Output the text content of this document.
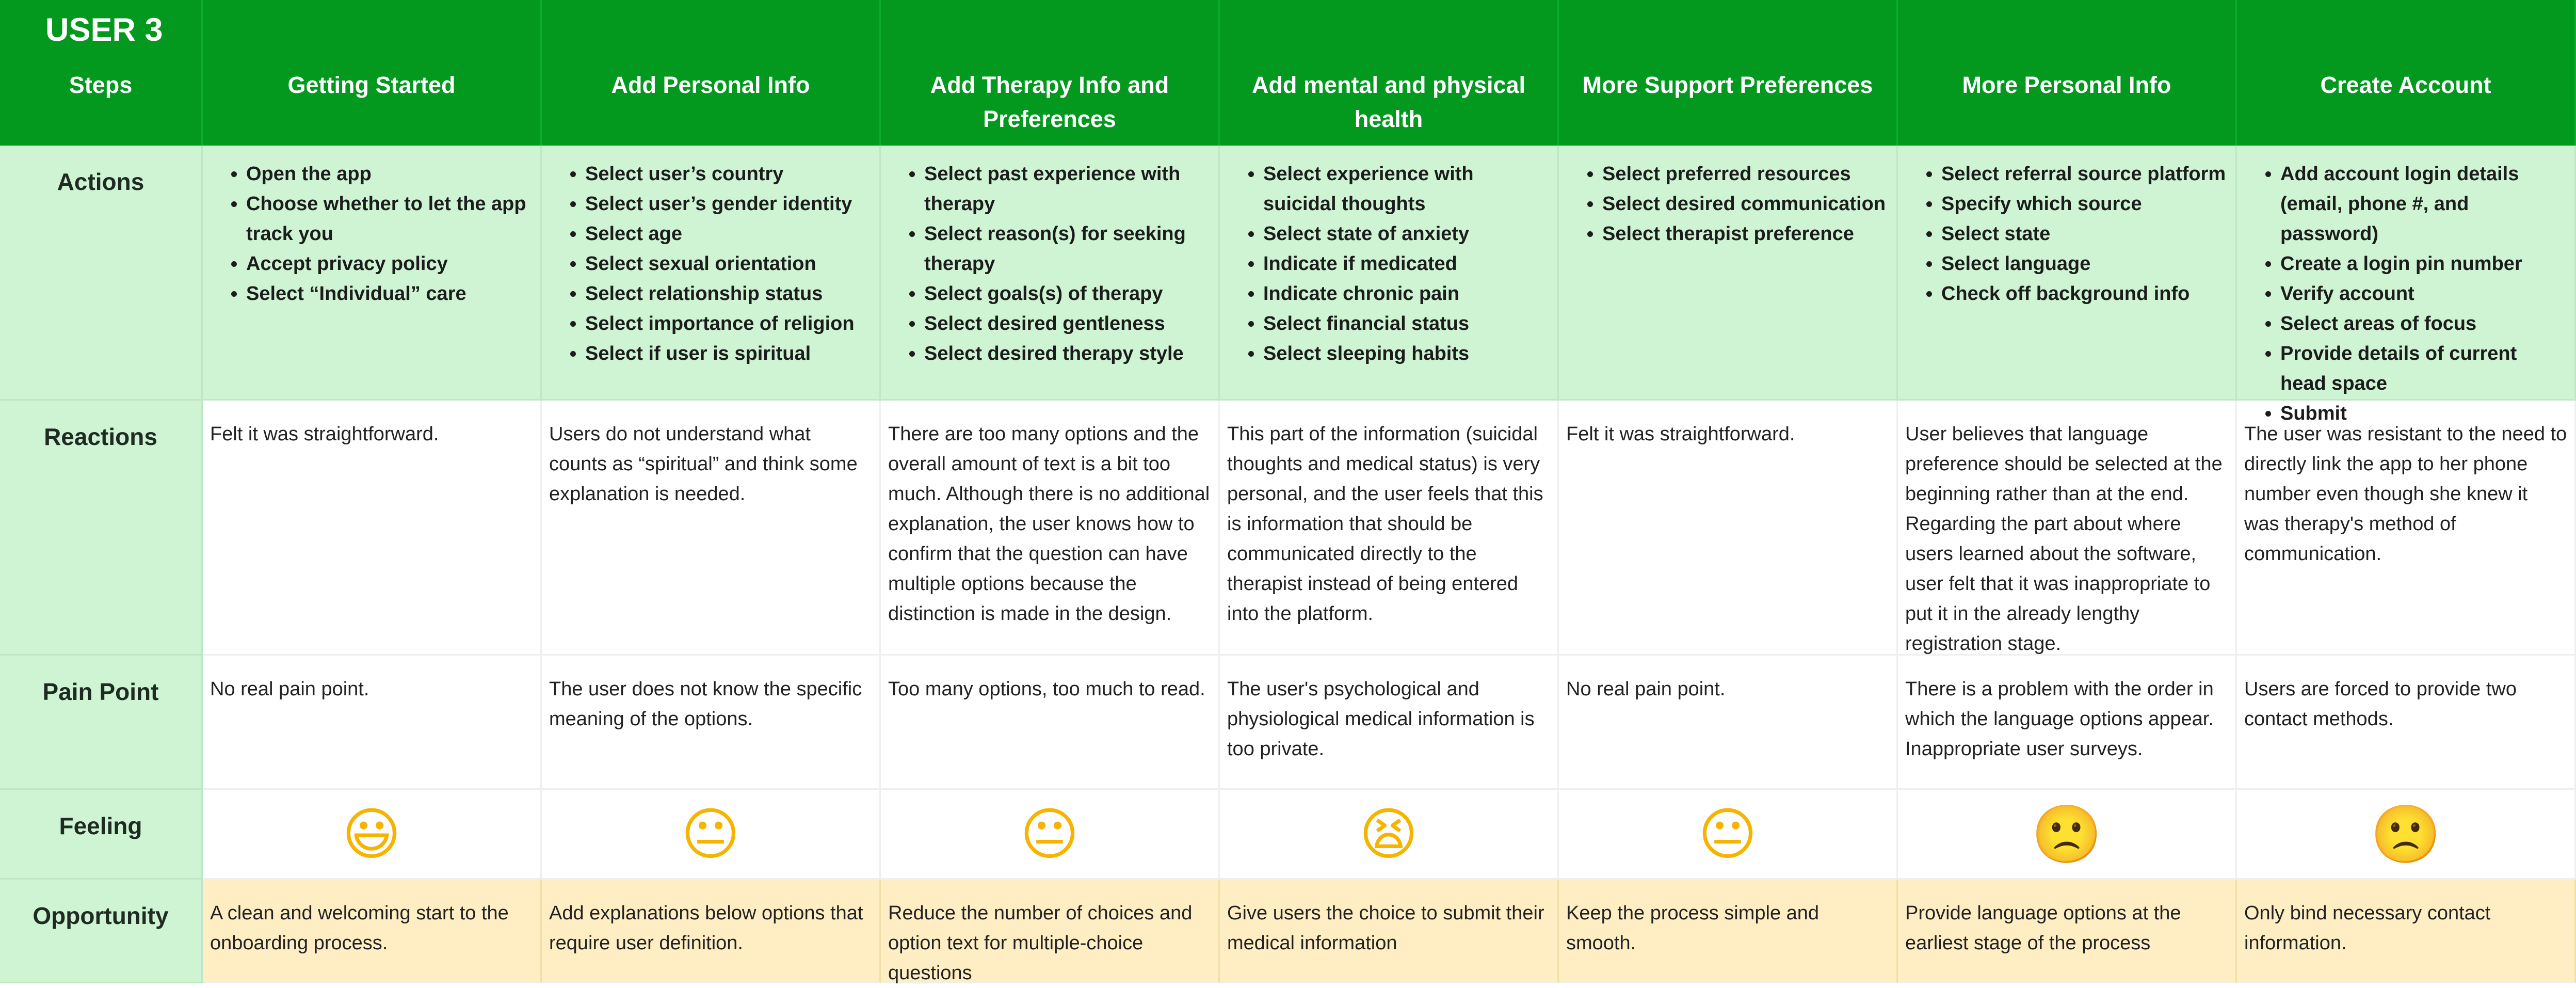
USER 3
Steps	Getting Started	Add Personal Info	Add Therapy Info and Preferences
Add mental and physical health
More Support Preferences	More Personal Info	Create Account
Actions
•	Open the app
• Choose whether to let the app track you
• Accept privacy policy
• Select “Individual” care
• Select user’s country
• Select user’s gender identity
• Select age
• Select sexual orientation
• Select relationship status
• Select importance of religion
• Select if user is spiritual
• Select past experience with therapy
• Select reason(s) for seeking therapy
• Select goals(s) of therapy
• Select desired gentleness
• Select desired therapy style
• Select experience with suicidal thoughts
• Select state of anxiety
• Indicate if medicated
• Indicate chronic pain
• Select financial status
• Select sleeping habits
• Select preferred resources
• Select desired communication
• Select therapist preference
• Select referral source platform
• Specify which source
• Select state
• Select language
• Check off background info
• Add account login details (email, phone #, and password)
• Create a login pin number
• Verify account
• Select areas of focus
• Provide details of current head space
• Submit
Reactions	Felt it was straightforward.	Users do not understand what counts as “spiritual” and think some explanation is needed.
There are too many options and the overall amount of text is a bit too much. Although there is no additional explanation, the user knows how to confirm that the question can have multiple options because the distinction is made in the design.
This part of the information (suicidal thoughts and medical status) is very personal, and the user feels that this is information that should be communicated directly to the therapist instead of being entered into the platform.
Felt it was straightforward.	User believes that language preference should be selected at the beginning rather than at the end. Regarding the part about where users learned about the software, user felt that it was inappropriate to put it in the already lengthy registration stage.
The user was resistant to the need to directly link the app to her phone number even though she knew it was therapy's method of communication.
Pain Point	No real pain point.	The user does not know the specific meaning of the options.
Too many options, too much to read.	The user's psychological and physiological medical information is too private.
No real pain point.	There is a problem with the order in which the language options appear. Inappropriate user surveys.
Users are forced to provide two contact methods.
Feeling	😃	😐	😐	😫	😐	🙁	🙁
Opportunity	A clean and welcoming start to the onboarding process.
Add explanations below options that require user definition.
Reduce the number of choices and option text for multiple-choice questions
Give users the choice to submit their medical information
Keep the process simple and smooth.
Provide language options at the earliest stage of the process
Only bind necessary contact information.
